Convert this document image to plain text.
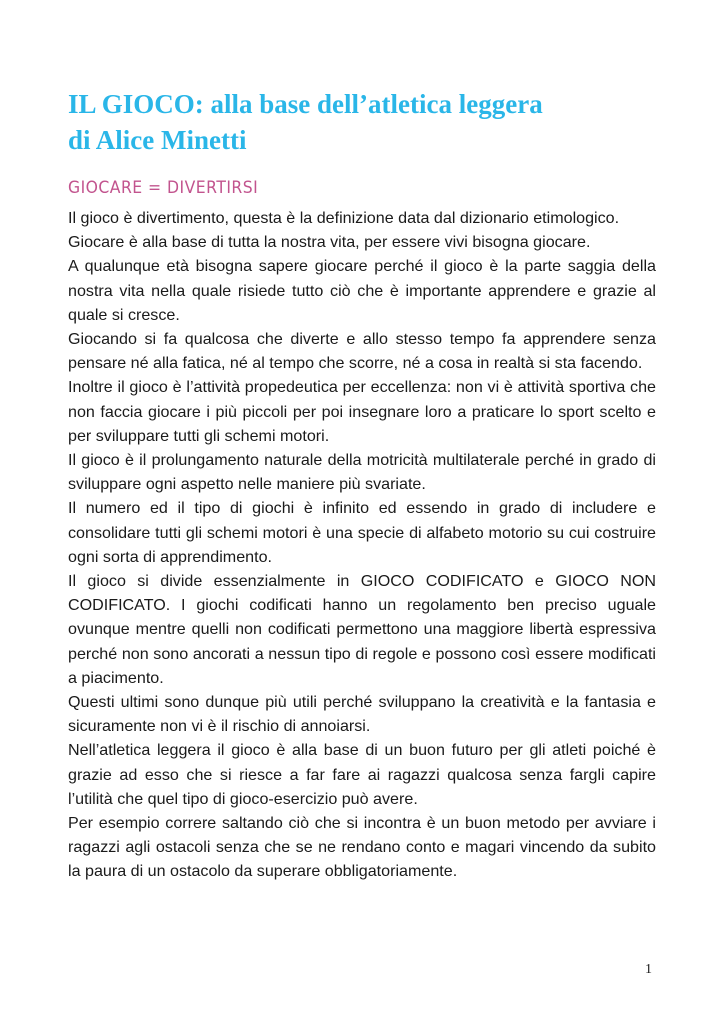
IL GIOCO: alla base dell’atletica leggera
di Alice Minetti
GIOCARE = DIVERTIRSI

Il gioco è divertimento, questa è la definizione data dal dizionario etimologico.

Giocare è alla base di tutta la nostra vita, per essere vivi bisogna giocare.

A qualunque età bisogna sapere giocare perché il gioco è la parte saggia della nostra vita nella quale risiede tutto ciò che è importante apprendere e grazie al quale si cresce.

Giocando si fa qualcosa che diverte e allo stesso tempo fa apprendere senza pensare né alla fatica, né al tempo che scorre, né a cosa in realtà si sta facendo.

Inoltre il gioco è l’attività propedeutica per eccellenza: non vi è attività sportiva che non faccia giocare i più piccoli per poi insegnare loro a praticare lo sport scelto e per sviluppare tutti gli schemi motori.

Il gioco è il prolungamento naturale della motricità multilaterale perché in grado di sviluppare ogni aspetto nelle maniere più svariate.

Il numero ed il tipo di giochi è infinito ed essendo in grado di includere e consolidare tutti gli schemi motori è una specie di alfabeto motorio su cui costruire ogni sorta di apprendimento.

Il gioco si divide essenzialmente in GIOCO CODIFICATO e GIOCO NON CODIFICATO. I giochi codificati hanno un regolamento ben preciso uguale ovunque mentre quelli non codificati permettono una maggiore libertà espressiva perché non sono ancorati a nessun tipo di regole e possono così essere modificati a piacimento.

Questi ultimi sono dunque più utili perché sviluppano la creatività e la fantasia e sicuramente non vi è il rischio di annoiarsi.

Nell’atletica leggera il gioco è alla base di un buon futuro per gli atleti poiché è grazie ad esso che si riesce a far fare ai ragazzi qualcosa senza fargli capire l’utilità che quel tipo di gioco-esercizio può avere.

Per esempio correre saltando ciò che si incontra è un buon metodo per avviare i ragazzi agli ostacoli senza che se ne rendano conto e magari vincendo da subito la paura di un ostacolo da superare obbligatoriamente.

1
